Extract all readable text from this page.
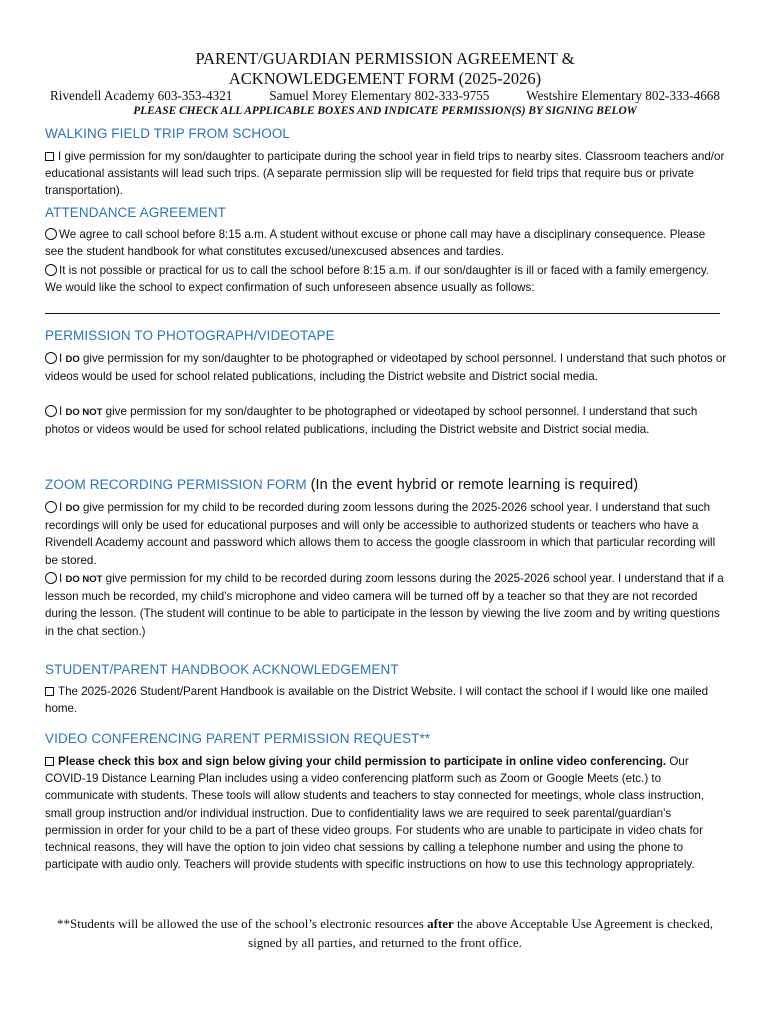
PARENT/GUARDIAN PERMISSION AGREEMENT &
ACKNOWLEDGEMENT FORM (2025-2026)
Rivendell Academy 603-353-4321	Samuel Morey Elementary 802-333-9755	Westshire Elementary 802-333-4668
PLEASE CHECK ALL APPLICABLE BOXES AND INDICATE PERMISSION(S) BY SIGNING BELOW
WALKING FIELD TRIP FROM SCHOOL
I give permission for my son/daughter to participate during the school year in field trips to nearby sites. Classroom teachers and/or educational assistants will lead such trips. (A separate permission slip will be requested for field trips that require bus or private transportation).
ATTENDANCE AGREEMENT
We agree to call school before 8:15 a.m. A student without excuse or phone call may have a disciplinary consequence. Please see the student handbook for what constitutes excused/unexcused absences and tardies.
It is not possible or practical for us to call the school before 8:15 a.m. if our son/daughter is ill or faced with a family emergency. We would like the school to expect confirmation of such unforeseen absence usually as follows:
PERMISSION TO PHOTOGRAPH/VIDEOTAPE
I DO give permission for my son/daughter to be photographed or videotaped by school personnel. I understand that such photos or videos would be used for school related publications, including the District website and District social media.
I DO NOT give permission for my son/daughter to be photographed or videotaped by school personnel. I understand that such photos or videos would be used for school related publications, including the District website and District social media.
ZOOM RECORDING PERMISSION FORM (In the event hybrid or remote learning is required)
I DO give permission for my child to be recorded during zoom lessons during the 2025-2026 school year. I understand that such recordings will only be used for educational purposes and will only be accessible to authorized students or teachers who have a Rivendell Academy account and password which allows them to access the google classroom in which that particular recording will be stored.
I DO NOT give permission for my child to be recorded during zoom lessons during the 2025-2026 school year. I understand that if a lesson much be recorded, my child’s microphone and video camera will be turned off by a teacher so that they are not recorded during the lesson. (The student will continue to be able to participate in the lesson by viewing the live zoom and by writing questions in the chat section.)
STUDENT/PARENT HANDBOOK ACKNOWLEDGEMENT
The 2025-2026 Student/Parent Handbook is available on the District Website. I will contact the school if I would like one mailed home.
VIDEO CONFERENCING PARENT PERMISSION REQUEST**
Please check this box and sign below giving your child permission to participate in online video conferencing. Our COVID-19 Distance Learning Plan includes using a video conferencing platform such as Zoom or Google Meets (etc.) to communicate with students. These tools will allow students and teachers to stay connected for meetings, whole class instruction, small group instruction and/or individual instruction. Due to confidentiality laws we are required to seek parental/guardian’s permission in order for your child to be a part of these video groups. For students who are unable to participate in video chats for technical reasons, they will have the option to join video chat sessions by calling a telephone number and using the phone to participate with audio only. Teachers will provide students with specific instructions on how to use this technology appropriately.
**Students will be allowed the use of the school’s electronic resources after the above Acceptable Use Agreement is checked, signed by all parties, and returned to the front office.
